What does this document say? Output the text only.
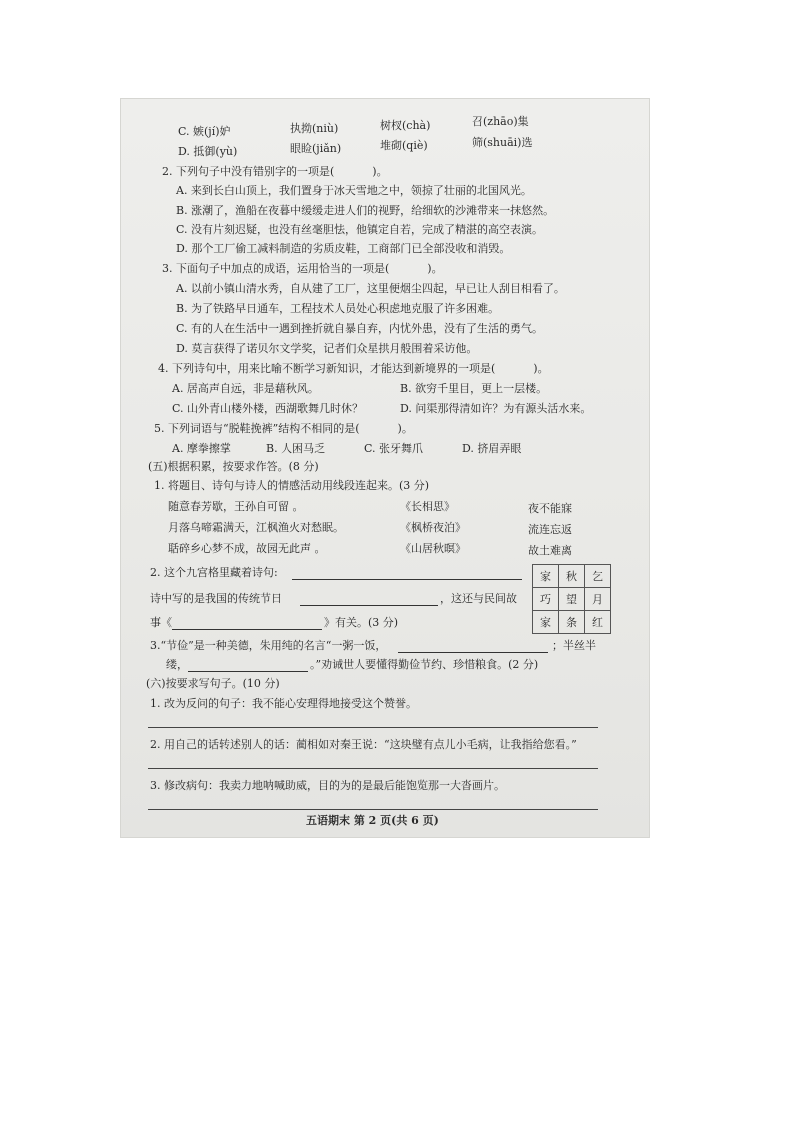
C. 嫉(jí)妒	执拗(niù)	树杈(chà)	召(zhāo)集
D. 抵御(yù)	眼睑(jiǎn)	堆砌(qiè)	筛(shuāi)选
2. 下列句子中没有错别字的一项是(	)。
A. 来到长白山顶上，我们置身于冰天雪地之中，领掠了壮丽的北国风光。
B. 涨潮了，渔船在夜暮中缓缓走进人们的视野，给细软的沙滩带来一抹悠然。
C. 没有片刻迟疑，也没有丝毫胆怯，他镇定自若，完成了精湛的高空表演。
D. 那个工厂偷工减料制造的劣质皮鞋，工商部门已全部没收和消毁。
3. 下面句子中加点的成语，运用恰当的一项是(	)。
A. 以前小镇山清水秀，自从建了工厂，这里便烟尘四起，早已让人刮目相看了。
B. 为了铁路早日通车，工程技术人员处心积虑地克服了许多困难。
C. 有的人在生活中一遇到挫折就自暴自弃，内忧外患，没有了生活的勇气。
D. 莫言获得了诺贝尔文学奖，记者们众星拱月般围着采访他。
4. 下列诗句中，用来比喻不断学习新知识，才能达到新境界的一项是(	)。
A. 居高声自远，非是藉秋风。	B. 欲穷千里目，更上一层楼。
C. 山外青山楼外楼，西湖歌舞几时休？	D. 问渠那得清如许？为有源头活水来。
5. 下列词语与“脱鞋挽裤”结构不相同的是(	)。
A. 摩拳擦掌	B. 人困马乏	C. 张牙舞爪	D. 挤眉弄眼
(五)根据积累，按要求作答。(8 分)
1. 将题目、诗句与诗人的情感活动用线段连起来。(3 分)
随意春芳歇，王孙自可留 。	《长相思》	夜不能寐
月落乌啼霜满天，江枫渔火对愁眠。	《枫桥夜泊》	流连忘返
聒碎乡心梦不成，故园无此声 。	《山居秋暝》	故土难离
2. 这个九宫格里藏着诗句:
诗中写的是我国的传统节日	，这还与民间故
事《	》有关。(3 分)
家	秋	乞
巧	望	月
家	条	红
3.“节俭”是一种美德，朱用纯的名言“一粥一饭，	；半丝半
缕，	。”劝诫世人要懂得勤俭节约、珍惜粮食。(2 分)
(六)按要求写句子。(10 分)
1. 改为反问的句子：我不能心安理得地接受这个赞誉。
2. 用自己的话转述别人的话：蔺相如对秦王说：“这块璧有点儿小毛病，让我指给您看。”
3. 修改病句：我卖力地呐喊助威，目的为的是最后能饱览那一大沓画片。
五语期末 第 2 页(共 6 页)
